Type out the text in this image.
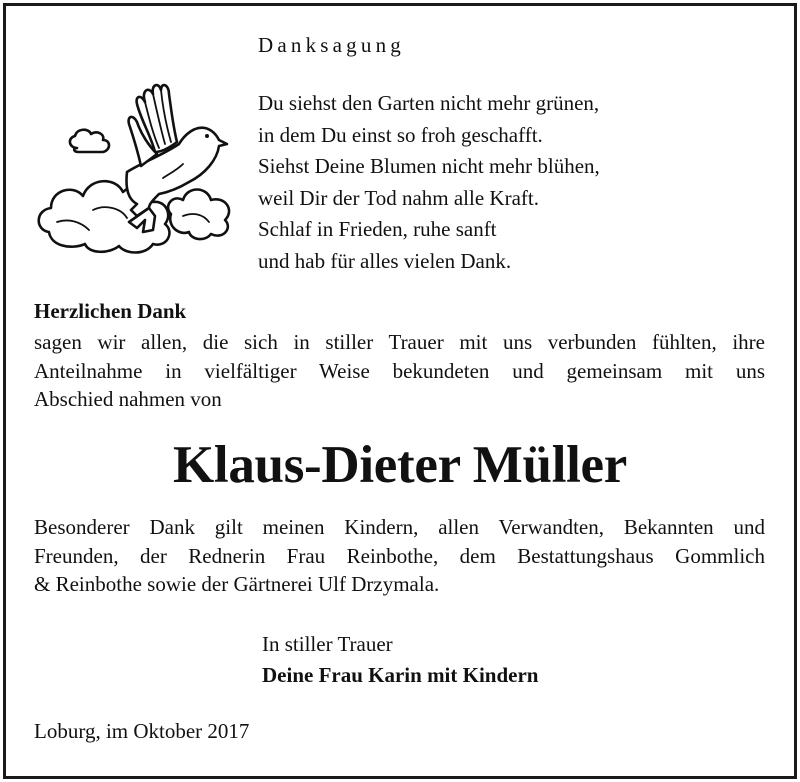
Danksagung
Du siehst den Garten nicht mehr grünen,
in dem Du einst so froh geschafft.
Siehst Deine Blumen nicht mehr blühen,
weil Dir der Tod nahm alle Kraft.
Schlaf in Frieden, ruhe sanft
und hab für alles vielen Dank.
Herzlichen Dank
sagen wir allen, die sich in stiller Trauer mit uns verbunden fühlten, ihre
Anteilnahme in vielfältiger Weise bekundeten und gemeinsam mit uns
Abschied nahmen von
Klaus-Dieter Müller
Besonderer Dank gilt meinen Kindern, allen Verwandten, Bekannten und
Freunden, der Rednerin Frau Reinbothe, dem Bestattungshaus Gommlich
& Reinbothe sowie der Gärtnerei Ulf Drzymala.
In stiller Trauer
Deine Frau Karin mit Kindern
Loburg, im Oktober 2017
